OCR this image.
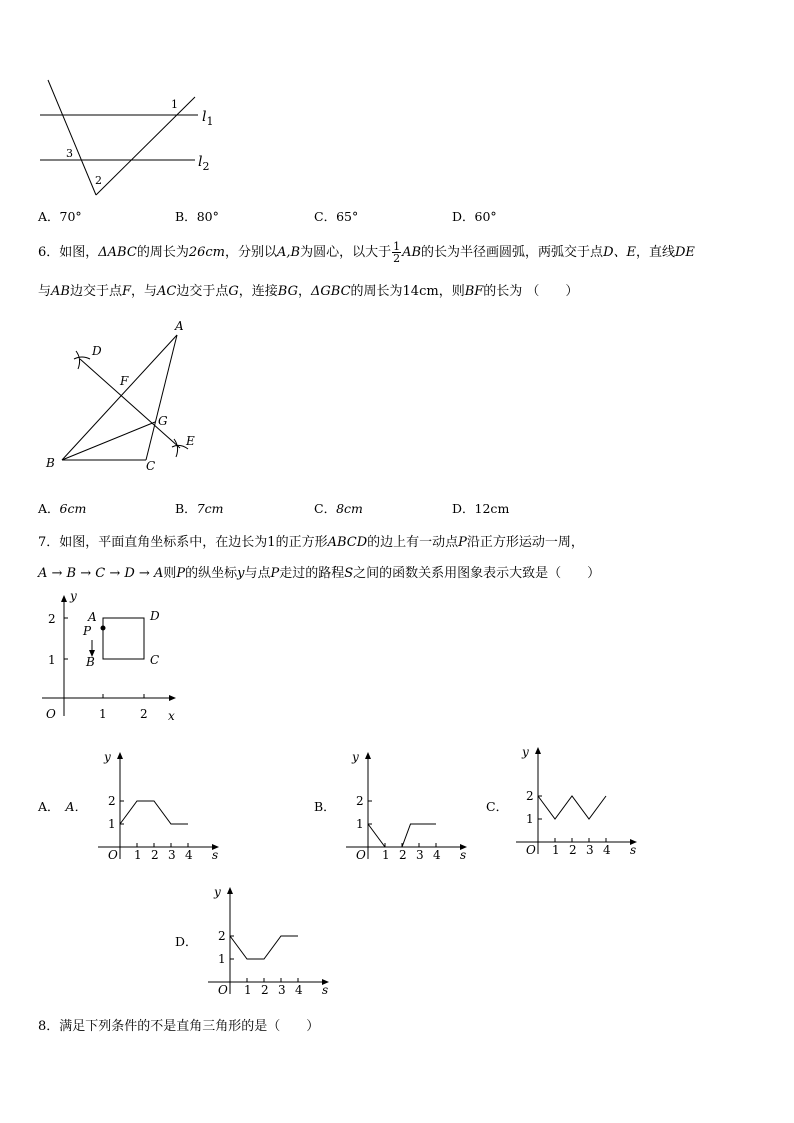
1
3
2
$l_1$
$l_2$
A．70°	B．80°	C．65°	D．60°
6．如图，ΔABC的周长为26cm，分别以A,B为圆心，以大于 $\frac{1}{2}$ AB的长为半径画圆弧，两弧交于点D、E，直线DE
与AB边交于点F，与AC边交于点G，连接BG，ΔGBC的周长为14cm，则BF的长为 （　　）
A
B	C
D
E
F
G
A．6cm	B．7cm	C．8cm	D．12cm
7．如图，平面直角坐标系中，在边长为1的正方形ABCD的边上有一动点P沿正方形运动一周，
A → B → C → D → A则P的纵坐标y与点P走过的路程S之间的函数关系用图象表示大致是（　　）
y
x
O
2
1
1	2
A
P
B	C
D
A． A．	B．	C．
D．
y
s
O
1
2
1 2 3 4
y
s
O
1
2
1 2 3 4
y
s
O
1
2
1 2 3 4
y
s
O
1
2
1 2 3 4
8．满足下列条件的不是直角三角形的是（　　）
